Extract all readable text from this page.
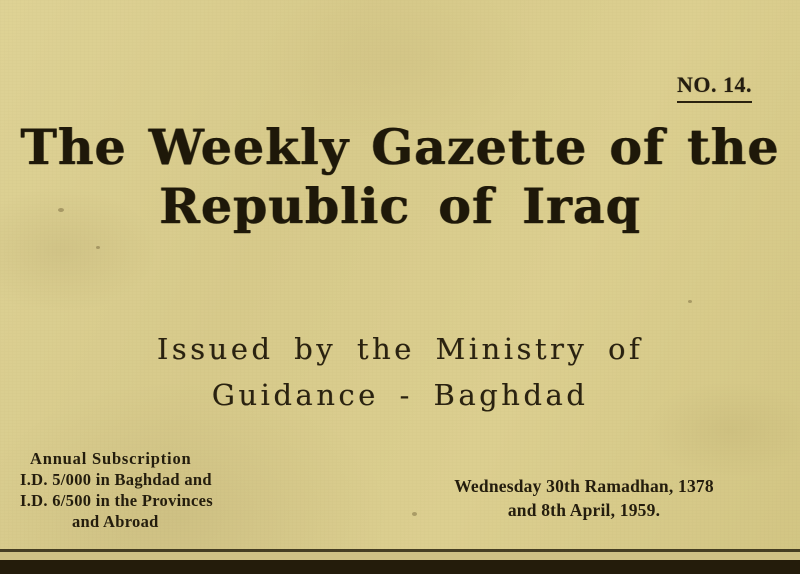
NO. 14.
The Weekly Gazette of the
Republic of Iraq
Issued by the Ministry of
Guidance - Baghdad
Annual Subscription
I.D. 5/000 in Baghdad and
I.D. 6/500 in the Provinces
and Abroad
Wednesday 30th Ramadhan, 1378
and 8th April, 1959.
